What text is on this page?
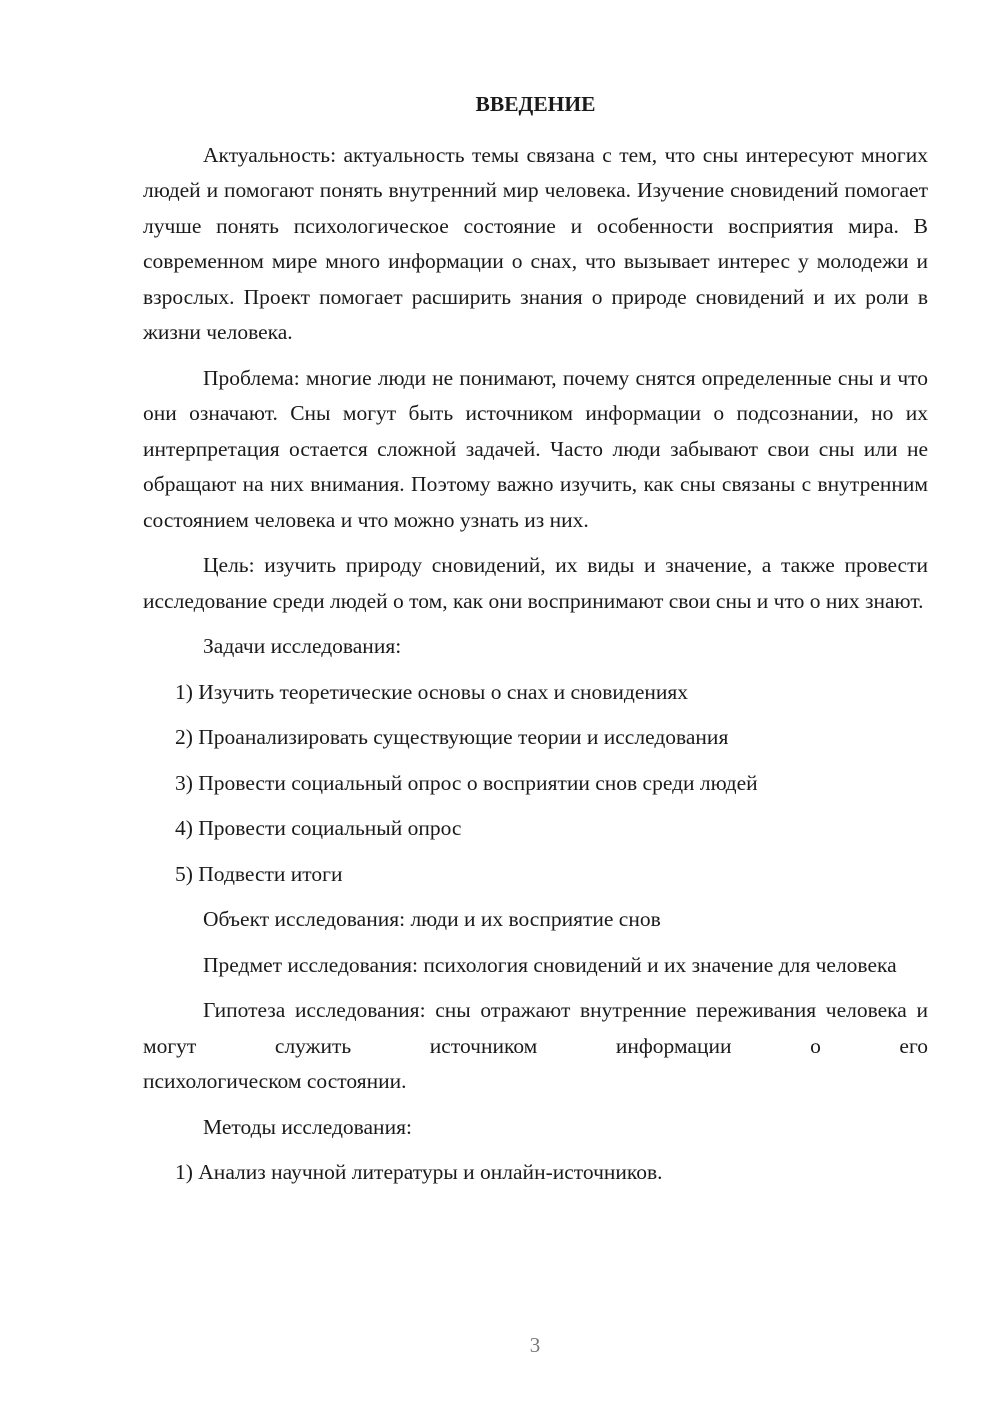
ВВЕДЕНИЕ

Актуальность: актуальность темы связана с тем, что сны интересуют многих людей и помогают понять внутренний мир человека. Изучение сновидений помогает лучше понять психологическое состояние и особенности восприятия мира. В современном мире много информации о снах, что вызывает интерес у молодежи и взрослых. Проект помогает расширить знания о природе сновидений и их роли в жизни человека.

Проблема: многие люди не понимают, почему снятся определенные сны и что они означают. Сны могут быть источником информации о подсознании, но их интерпретация остается сложной задачей. Часто люди забывают свои сны или не обращают на них внимания. Поэтому важно изучить, как сны связаны с внутренним состоянием человека и что можно узнать из них.

Цель: изучить природу сновидений, их виды и значение, а также провести исследование среди людей о том, как они воспринимают свои сны и что о них знают.

Задачи исследования:

1) Изучить теоретические основы о снах и сновидениях
2) Проанализировать существующие теории и исследования
3) Провести социальный опрос о восприятии снов среди людей
4) Провести социальный опрос
5) Подвести итоги

Объект исследования: люди и их восприятие снов

Предмет исследования: психология сновидений и их значение для человека

Гипотеза исследования: сны отражают внутренние переживания человека и могут служить источником информации о его

психологическом состоянии.

Методы исследования:

1) Анализ научной литературы и онлайн-источников.
3
